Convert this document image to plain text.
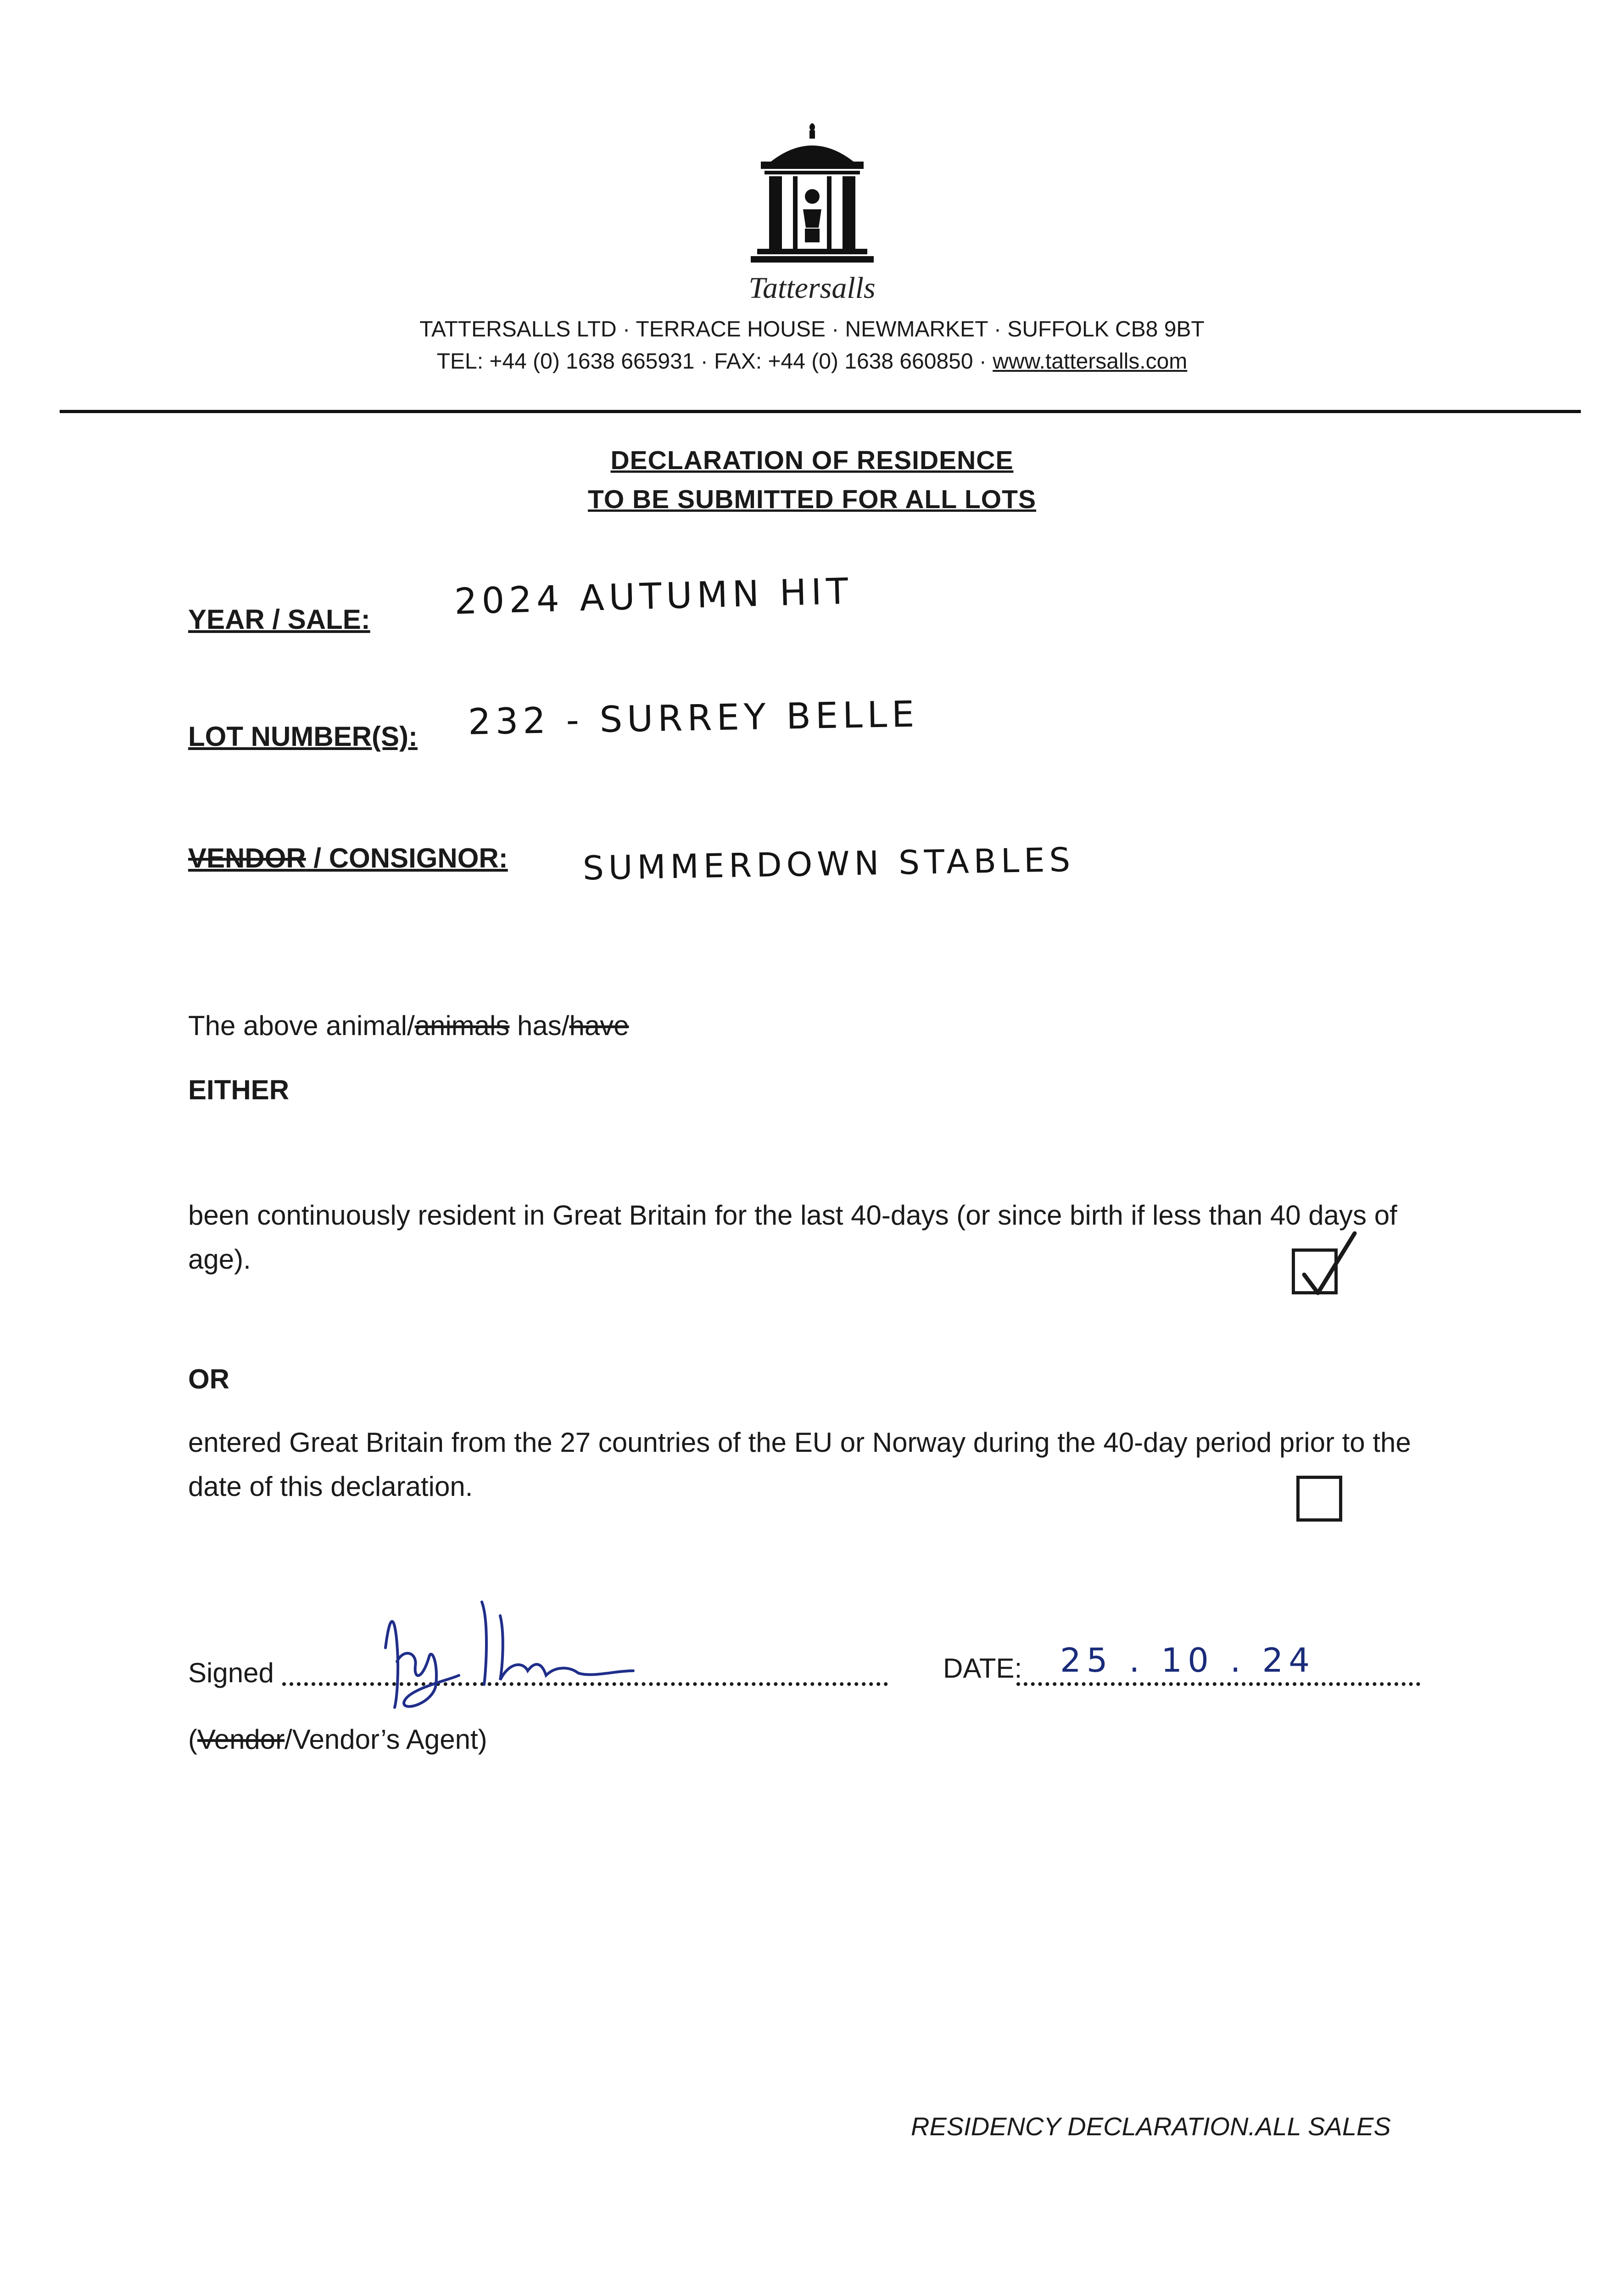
Tattersalls
TATTERSALLS LTD · TERRACE HOUSE · NEWMARKET · SUFFOLK CB8 9BT
TEL: +44 (0) 1638 665931 · FAX: +44 (0) 1638 660850 · www.tattersalls.com
DECLARATION OF RESIDENCE
TO BE SUBMITTED FOR ALL LOTS
YEAR / SALE: 2024 AUTUMN HIT
LOT NUMBER(S): 232 - SURREY BELLE
VENDOR / CONSIGNOR: SUMMERDOWN STABLES
The above animal/animals has/have
EITHER
been continuously resident in Great Britain for the last 40-days (or since birth if less than 40 days of age).
OR
entered Great Britain from the 27 countries of the EU or Norway during the 40-day period prior to the date of this declaration.
Signed	DATE: 25 . 10 . 24
(Vendor/Vendor’s Agent)
RESIDENCY DECLARATION.ALL SALES
